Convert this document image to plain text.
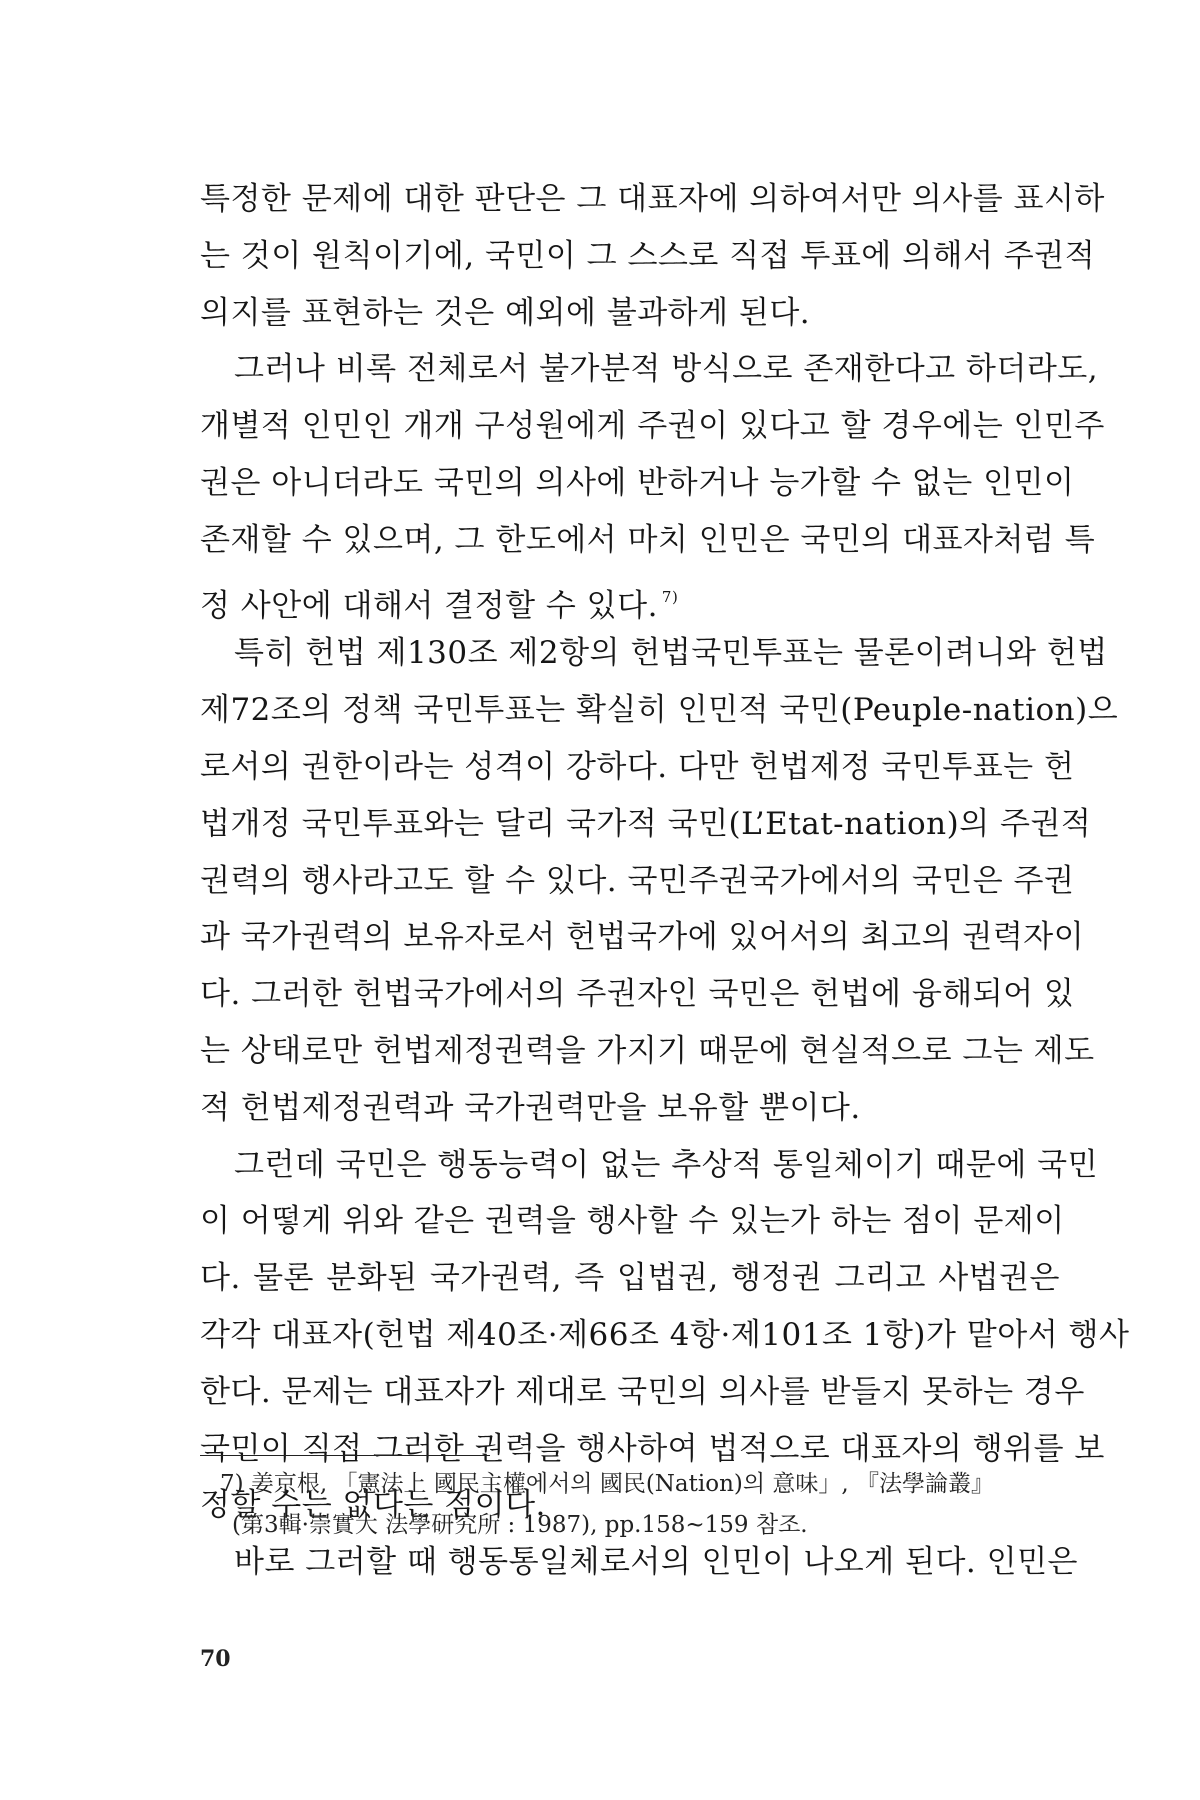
특정한 문제에 대한 판단은 그 대표자에 의하여서만 의사를 표시하
는 것이 원칙이기에, 국민이 그 스스로 직접 투표에 의해서 주권적
의지를 표현하는 것은 예외에 불과하게 된다.
그러나 비록 전체로서 불가분적 방식으로 존재한다고 하더라도,
개별적 인민인 개개 구성원에게 주권이 있다고 할 경우에는 인민주
권은 아니더라도 국민의 의사에 반하거나 능가할 수 없는 인민이
존재할 수 있으며, 그 한도에서 마치 인민은 국민의 대표자처럼 특
정 사안에 대해서 결정할 수 있다. $^{7)}$
특히 헌법 제130조 제2항의 헌법국민투표는 물론이려니와 헌법
제72조의 정책 국민투표는 확실히 인민적 국민(Peuple-nation)으
로서의 권한이라는 성격이 강하다. 다만 헌법제정 국민투표는 헌
법개정 국민투표와는 달리 국가적 국민(L’Etat-nation)의 주권적
권력의 행사라고도 할 수 있다. 국민주권국가에서의 국민은 주권
과 국가권력의 보유자로서 헌법국가에 있어서의 최고의 권력자이
다. 그러한 헌법국가에서의 주권자인 국민은 헌법에 융해되어 있
는 상태로만 헌법제정권력을 가지기 때문에 현실적으로 그는 제도
적 헌법제정권력과 국가권력만을 보유할 뿐이다.
그런데 국민은 행동능력이 없는 추상적 통일체이기 때문에 국민
이 어떻게 위와 같은 권력을 행사할 수 있는가 하는 점이 문제이
다. 물론 분화된 국가권력, 즉 입법권, 행정권 그리고 사법권은
각각 대표자(헌법 제40조·제66조 4항·제101조 1항)가 맡아서 행사
한다. 문제는 대표자가 제대로 국민의 의사를 받들지 못하는 경우
국민이 직접 그러한 권력을 행사하여 법적으로 대표자의 행위를 보
정할 수는 없다는 점이다.
바로 그러할 때 행동통일체로서의 인민이 나오게 된다. 인민은
7) 姜京根, 「憲法上 國民主權에서의 國民(Nation)의 意味」, 『法學論叢』
(第3輯·崇實大 法學研究所 : 1987), pp.158~159 참조.
70
